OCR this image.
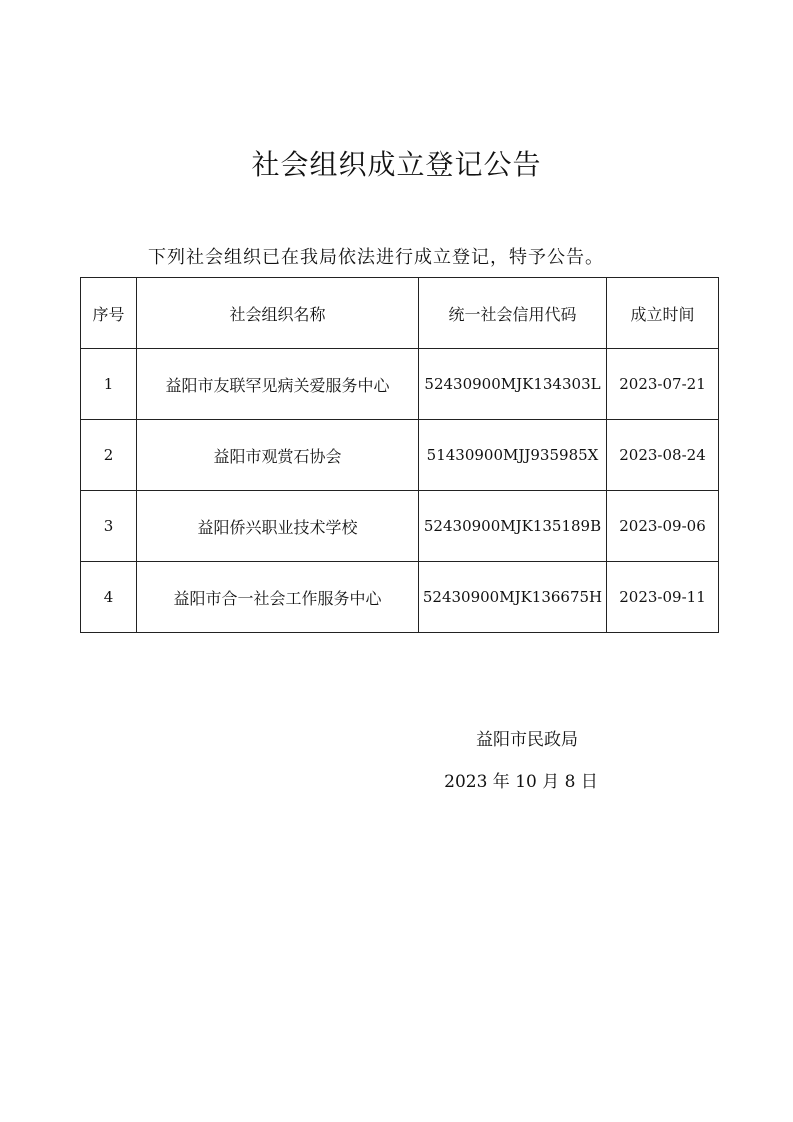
社会组织成立登记公告
下列社会组织已在我局依法进行成立登记，特予公告。
序号	社会组织名称	统一社会信用代码	成立时间
1	益阳市友联罕见病关爱服务中心	52430900MJK134303L	2023-07-21
2	益阳市观赏石协会	51430900MJJ935985X	2023-08-24
3	益阳侨兴职业技术学校	52430900MJK135189B	2023-09-06
4	益阳市合一社会工作服务中心	52430900MJK136675H	2023-09-11
益阳市民政局
2023 年 10 月 8 日
